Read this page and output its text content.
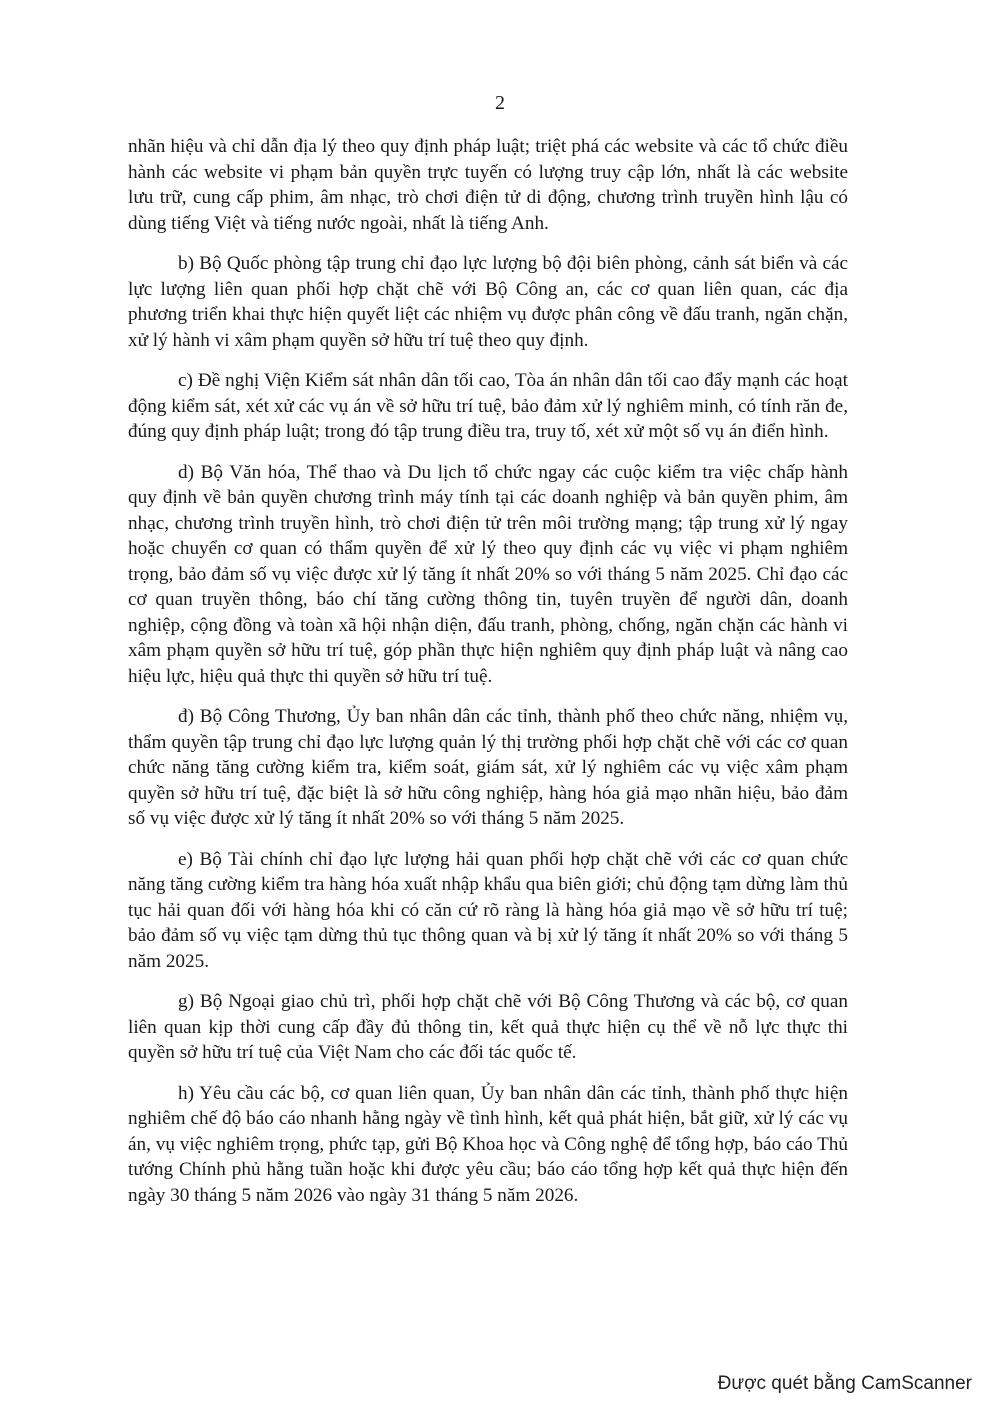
2

nhãn hiệu và chỉ dẫn địa lý theo quy định pháp luật; triệt phá các website và các tổ chức điều hành các website vi phạm bản quyền trực tuyến có lượng truy cập lớn, nhất là các website lưu trữ, cung cấp phim, âm nhạc, trò chơi điện tử di động, chương trình truyền hình lậu có dùng tiếng Việt và tiếng nước ngoài, nhất là tiếng Anh.

b) Bộ Quốc phòng tập trung chỉ đạo lực lượng bộ đội biên phòng, cảnh sát biển và các lực lượng liên quan phối hợp chặt chẽ với Bộ Công an, các cơ quan liên quan, các địa phương triển khai thực hiện quyết liệt các nhiệm vụ được phân công về đấu tranh, ngăn chặn, xử lý hành vi xâm phạm quyền sở hữu trí tuệ theo quy định.

c) Đề nghị Viện Kiểm sát nhân dân tối cao, Tòa án nhân dân tối cao đẩy mạnh các hoạt động kiểm sát, xét xử các vụ án về sở hữu trí tuệ, bảo đảm xử lý nghiêm minh, có tính răn đe, đúng quy định pháp luật; trong đó tập trung điều tra, truy tố, xét xử một số vụ án điển hình.

d) Bộ Văn hóa, Thể thao và Du lịch tổ chức ngay các cuộc kiểm tra việc chấp hành quy định về bản quyền chương trình máy tính tại các doanh nghiệp và bản quyền phim, âm nhạc, chương trình truyền hình, trò chơi điện tử trên môi trường mạng; tập trung xử lý ngay hoặc chuyển cơ quan có thẩm quyền để xử lý theo quy định các vụ việc vi phạm nghiêm trọng, bảo đảm số vụ việc được xử lý tăng ít nhất 20% so với tháng 5 năm 2025. Chỉ đạo các cơ quan truyền thông, báo chí tăng cường thông tin, tuyên truyền để người dân, doanh nghiệp, cộng đồng và toàn xã hội nhận diện, đấu tranh, phòng, chống, ngăn chặn các hành vi xâm phạm quyền sở hữu trí tuệ, góp phần thực hiện nghiêm quy định pháp luật và nâng cao hiệu lực, hiệu quả thực thi quyền sở hữu trí tuệ.

đ) Bộ Công Thương, Ủy ban nhân dân các tỉnh, thành phố theo chức năng, nhiệm vụ, thẩm quyền tập trung chỉ đạo lực lượng quản lý thị trường phối hợp chặt chẽ với các cơ quan chức năng tăng cường kiểm tra, kiểm soát, giám sát, xử lý nghiêm các vụ việc xâm phạm quyền sở hữu trí tuệ, đặc biệt là sở hữu công nghiệp, hàng hóa giả mạo nhãn hiệu, bảo đảm số vụ việc được xử lý tăng ít nhất 20% so với tháng 5 năm 2025.

e) Bộ Tài chính chỉ đạo lực lượng hải quan phối hợp chặt chẽ với các cơ quan chức năng tăng cường kiểm tra hàng hóa xuất nhập khẩu qua biên giới; chủ động tạm dừng làm thủ tục hải quan đối với hàng hóa khi có căn cứ rõ ràng là hàng hóa giả mạo về sở hữu trí tuệ; bảo đảm số vụ việc tạm dừng thủ tục thông quan và bị xử lý tăng ít nhất 20% so với tháng 5 năm 2025.

g) Bộ Ngoại giao chủ trì, phối hợp chặt chẽ với Bộ Công Thương và các bộ, cơ quan liên quan kịp thời cung cấp đầy đủ thông tin, kết quả thực hiện cụ thể về nỗ lực thực thi quyền sở hữu trí tuệ của Việt Nam cho các đối tác quốc tế.

h) Yêu cầu các bộ, cơ quan liên quan, Ủy ban nhân dân các tỉnh, thành phố thực hiện nghiêm chế độ báo cáo nhanh hằng ngày về tình hình, kết quả phát hiện, bắt giữ, xử lý các vụ án, vụ việc nghiêm trọng, phức tạp, gửi Bộ Khoa học và Công nghệ để tổng hợp, báo cáo Thủ tướng Chính phủ hằng tuần hoặc khi được yêu cầu; báo cáo tổng hợp kết quả thực hiện đến ngày 30 tháng 5 năm 2026 vào ngày 31 tháng 5 năm 2026.

Được quét bằng CamScanner
